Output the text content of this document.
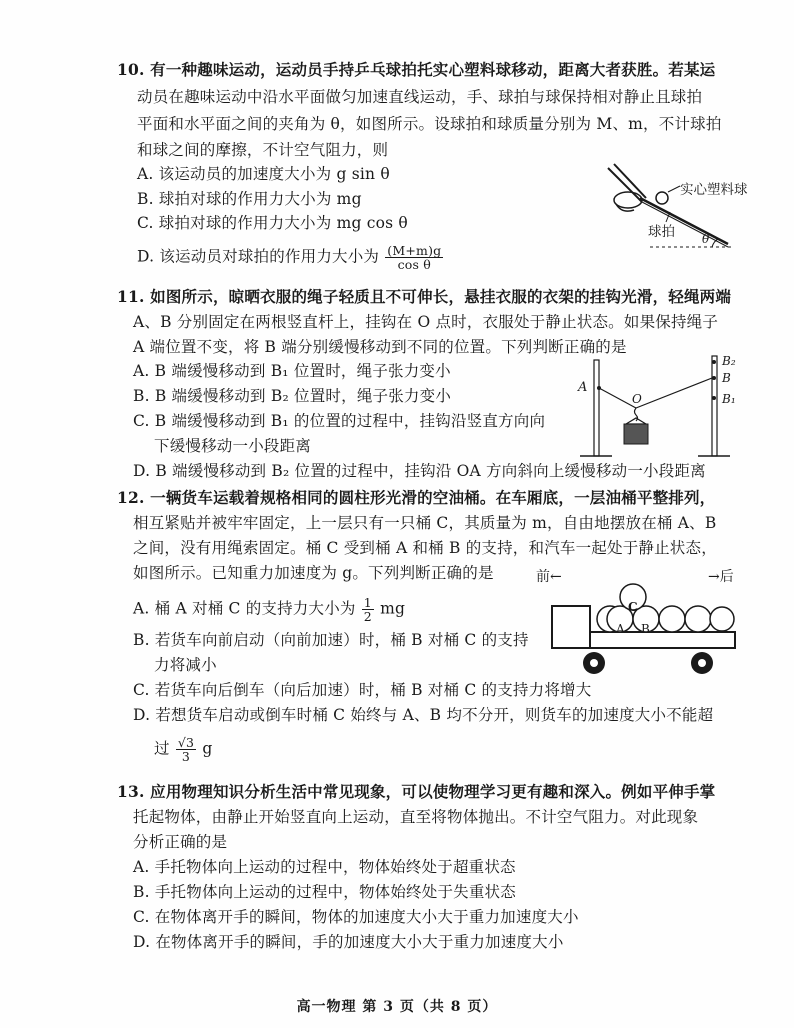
10. 有一种趣味运动，运动员手持乒乓球拍托实心塑料球移动，距离大者获胜。若某运
动员在趣味运动中沿水平面做匀加速直线运动，手、球拍与球保持相对静止且球拍
平面和水平面之间的夹角为 θ，如图所示。设球拍和球质量分别为 M、m，不计球拍
和球之间的摩擦，不计空气阻力，则
A. 该运动员的加速度大小为 g sin θ
B. 球拍对球的作用力大小为 mg
C. 球拍对球的作用力大小为 mg cos θ
D. 该运动员对球拍的作用力大小为 $\frac{(M+m)g}{\text{cos θ}}$
实心塑料球
球拍 θ
11. 如图所示，晾晒衣服的绳子轻质且不可伸长，悬挂衣服的衣架的挂钩光滑，轻绳两端
A、B 分别固定在两根竖直杆上，挂钩在 O 点时，衣服处于静止状态。如果保持绳子
A 端位置不变，将 B 端分别缓慢移动到不同的位置。下列判断正确的是
A. B 端缓慢移动到 B₁ 位置时，绳子张力变小
B. B 端缓慢移动到 B₂ 位置时，绳子张力变小
C. B 端缓慢移动到 B₁ 的位置的过程中，挂钩沿竖直方向向
下缓慢移动一小段距离
D. B 端缓慢移动到 B₂ 位置的过程中，挂钩沿 OA 方向斜向上缓慢移动一小段距离
A
O
B₂
B
B₁
12. 一辆货车运载着规格相同的圆柱形光滑的空油桶。在车厢底，一层油桶平整排列，
相互紧贴并被牢牢固定，上一层只有一只桶 C，其质量为 m，自由地摆放在桶 A、B
之间，没有用绳索固定。桶 C 受到桶 A 和桶 B 的支持，和汽车一起处于静止状态，
如图所示。已知重力加速度为 g。下列判断正确的是
A. 桶 A 对桶 C 的支持力大小为 $\frac{1}{2}$ mg
B. 若货车向前启动（向前加速）时，桶 B 对桶 C 的支持
力将减小
C. 若货车向后倒车（向后加速）时，桶 B 对桶 C 的支持力将增大
D. 若想货车启动或倒车时桶 C 始终与 A、B 均不分开，则货车的加速度大小不能超
过 $\frac{√3}{3}$ g
前←	→后
A B
C
13. 应用物理知识分析生活中常见现象，可以使物理学习更有趣和深入。例如平伸手掌
托起物体，由静止开始竖直向上运动，直至将物体抛出。不计空气阻力。对此现象
分析正确的是
A. 手托物体向上运动的过程中，物体始终处于超重状态
B. 手托物体向上运动的过程中，物体始终处于失重状态
C. 在物体离开手的瞬间，物体的加速度大小大于重力加速度大小
D. 在物体离开手的瞬间，手的加速度大小大于重力加速度大小
高一物理 第 3 页（共 8 页）
